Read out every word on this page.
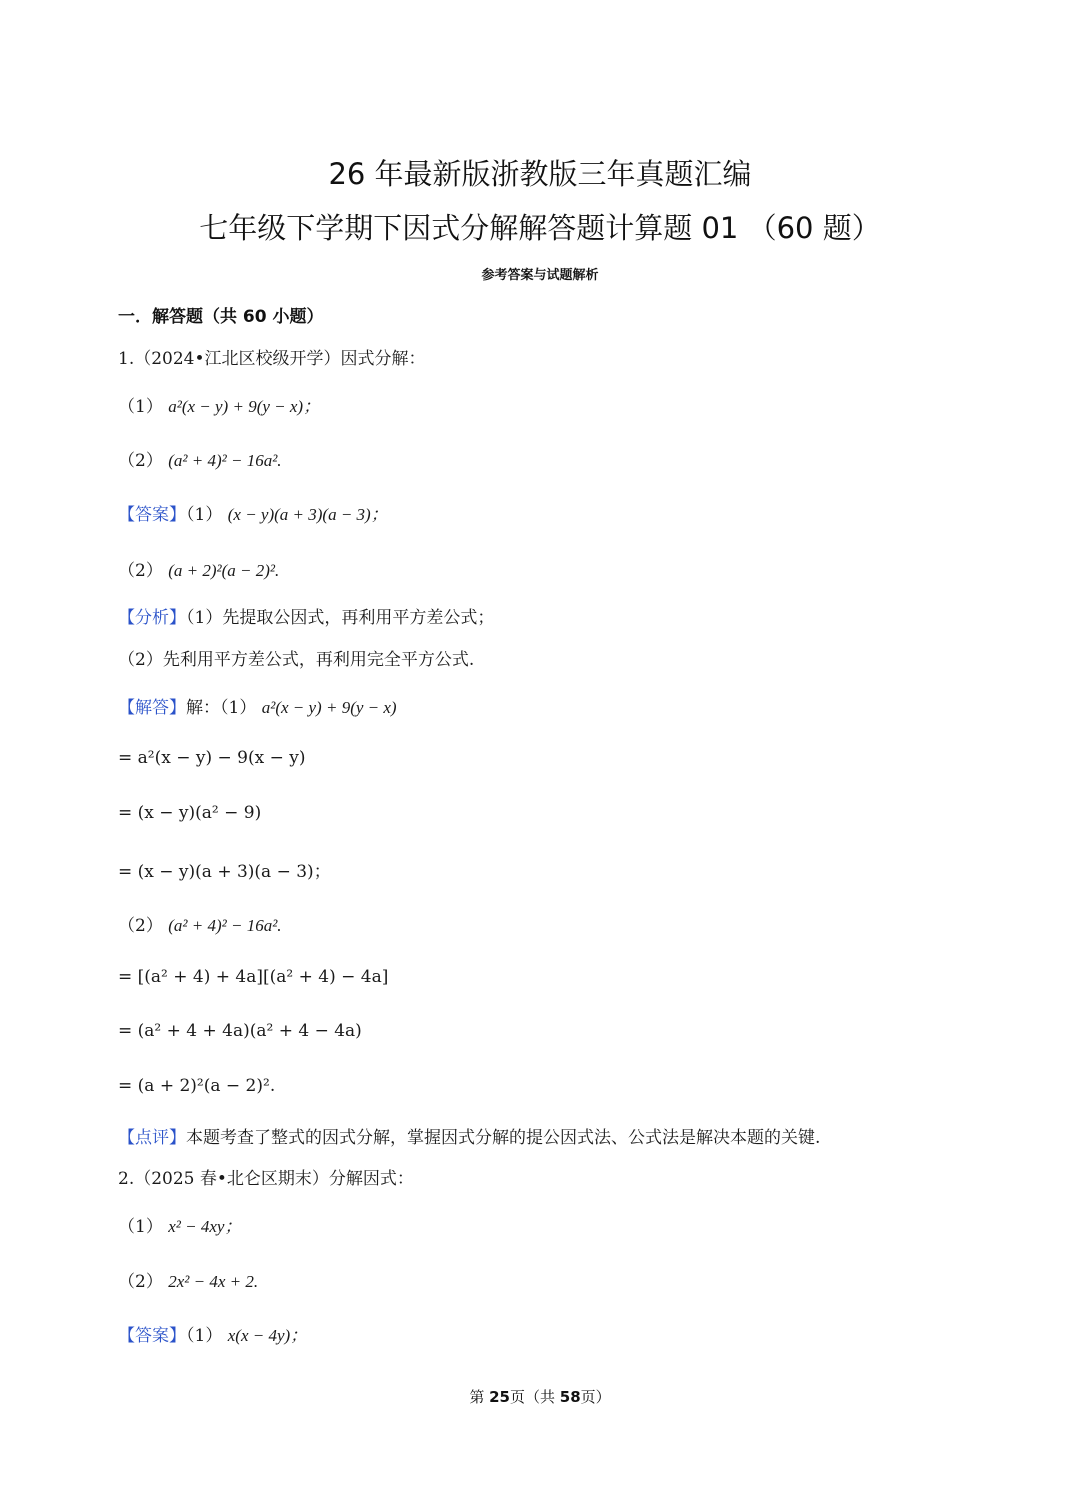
26 年最新版浙教版三年真题汇编
七年级下学期下因式分解解答题计算题 01 （60 题）
参考答案与试题解析
一．解答题（共 60 小题）
1.（2024•江北区校级开学）因式分解：
（1） a²(x − y) + 9(y − x)；
（2） (a² + 4)² − 16a².
【答案】（1） (x − y)(a + 3)(a − 3)；
（2） (a + 2)²(a − 2)².
【分析】（1）先提取公因式，再利用平方差公式；
（2）先利用平方差公式，再利用完全平方公式.
【解答】解：（1） a²(x − y) + 9(y − x)
= a²(x − y) − 9(x − y)
= (x − y)(a² − 9)
= (x − y)(a + 3)(a − 3)；
（2） (a² + 4)² − 16a².
= [(a² + 4) + 4a][(a² + 4) − 4a]
= (a² + 4 + 4a)(a² + 4 − 4a)
= (a + 2)²(a − 2)².
【点评】本题考查了整式的因式分解，掌握因式分解的提公因式法、公式法是解决本题的关键.
2.（2025 春•北仑区期末）分解因式：
（1） x² − 4xy；
（2） 2x² − 4x + 2.
【答案】（1） x(x − 4y)；
第 25页（共 58页）
